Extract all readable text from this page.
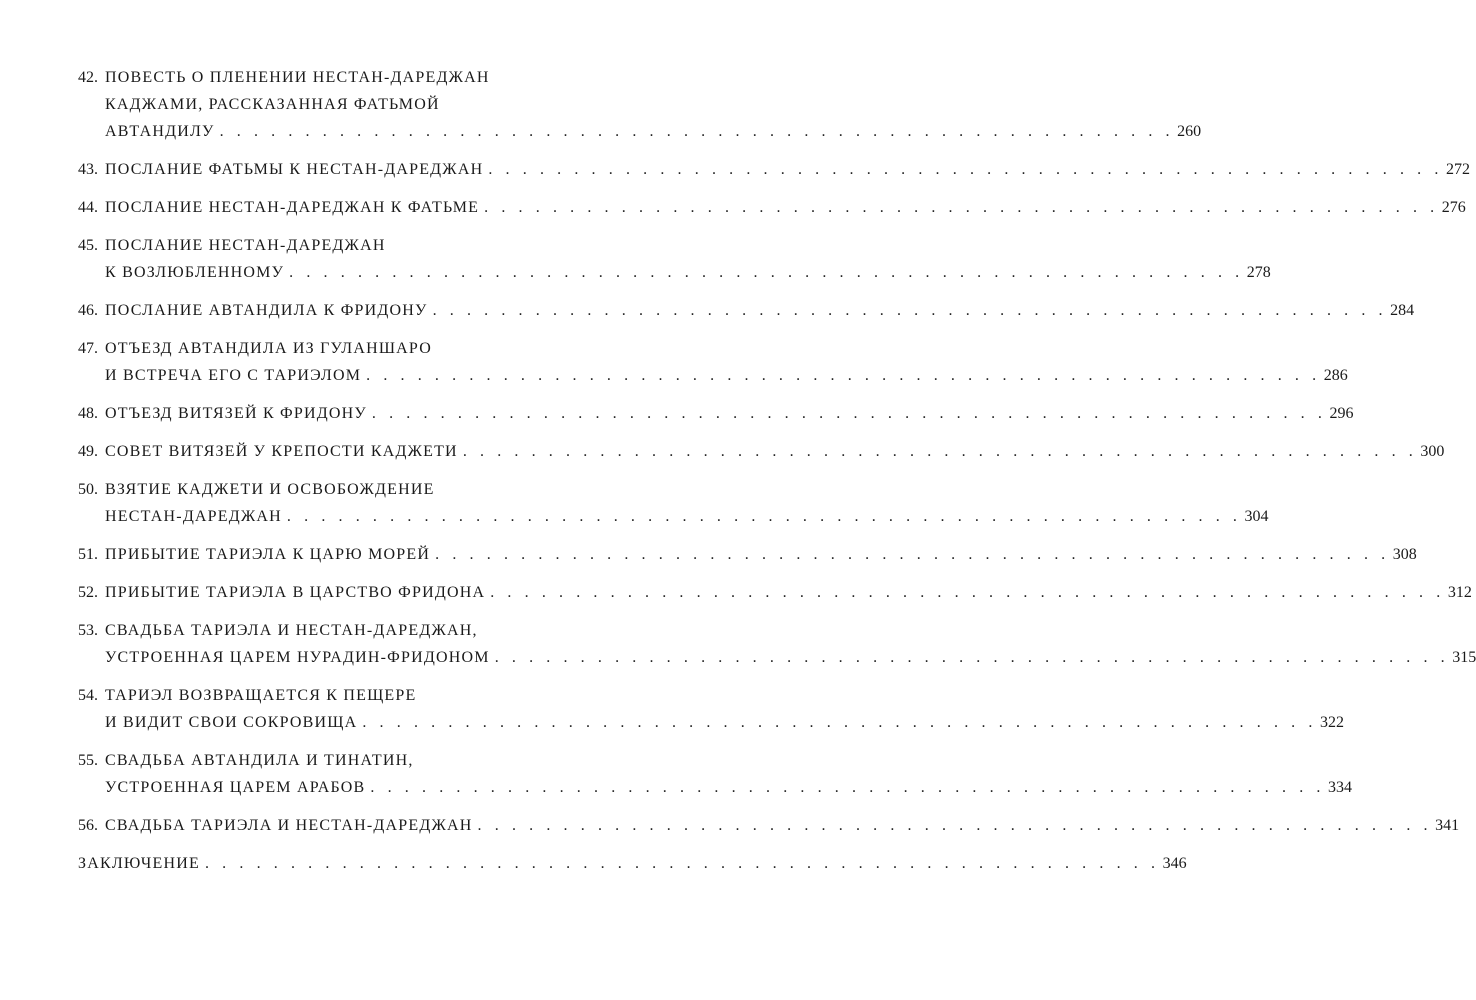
42. ПОВЕСТЬ О ПЛЕНЕНИИ НЕСТАН-ДАРЕДЖАН
КАДЖАМИ, РАССКАЗАННАЯ ФАТЬМОЙ
АВТАНДИЛУ . . . . . . . . . . . . . . . . . . . . . . . . . . . . . . . . . . . . . . . . . . . . . . . . . . . . . . . . 260
43. ПОСЛАНИЕ ФАТЬМЫ К НЕСТАН-ДАРЕДЖАН . . . . . . . . . . . . . . . . . . . . . . . . . . . . . . . . . . . . . . . . . . . . . . . . . . . . . . . . 272
44. ПОСЛАНИЕ НЕСТАН-ДАРЕДЖАН К ФАТЬМЕ . . . . . . . . . . . . . . . . . . . . . . . . . . . . . . . . . . . . . . . . . . . . . . . . . . . . . . . . 276
45. ПОСЛАНИЕ НЕСТАН-ДАРЕДЖАН
К ВОЗЛЮБЛЕННОМУ . . . . . . . . . . . . . . . . . . . . . . . . . . . . . . . . . . . . . . . . . . . . . . . . . . . . . . . . 278
46. ПОСЛАНИЕ АВТАНДИЛА К ФРИДОНУ . . . . . . . . . . . . . . . . . . . . . . . . . . . . . . . . . . . . . . . . . . . . . . . . . . . . . . . . 284
47. ОТЪЕЗД АВТАНДИЛА ИЗ ГУЛАНШАРО
И ВСТРЕЧА ЕГО С ТАРИЭЛОМ . . . . . . . . . . . . . . . . . . . . . . . . . . . . . . . . . . . . . . . . . . . . . . . . . . . . . . . . 286
48. ОТЪЕЗД ВИТЯЗЕЙ К ФРИДОНУ . . . . . . . . . . . . . . . . . . . . . . . . . . . . . . . . . . . . . . . . . . . . . . . . . . . . . . . . 296
49. СОВЕТ ВИТЯЗЕЙ У КРЕПОСТИ КАДЖЕТИ . . . . . . . . . . . . . . . . . . . . . . . . . . . . . . . . . . . . . . . . . . . . . . . . . . . . . . . . 300
50. ВЗЯТИЕ КАДЖЕТИ И ОСВОБОЖДЕНИЕ
НЕСТАН-ДАРЕДЖАН . . . . . . . . . . . . . . . . . . . . . . . . . . . . . . . . . . . . . . . . . . . . . . . . . . . . . . . . 304
51. ПРИБЫТИЕ ТАРИЭЛА К ЦАРЮ МОРЕЙ . . . . . . . . . . . . . . . . . . . . . . . . . . . . . . . . . . . . . . . . . . . . . . . . . . . . . . . . 308
52. ПРИБЫТИЕ ТАРИЭЛА В ЦАРСТВО ФРИДОНА . . . . . . . . . . . . . . . . . . . . . . . . . . . . . . . . . . . . . . . . . . . . . . . . . . . . . . . . 312
53. СВАДЬБА ТАРИЭЛА И НЕСТАН-ДАРЕДЖАН,
УСТРОЕННАЯ ЦАРЕМ НУРАДИН-ФРИДОНОМ . . . . . . . . . . . . . . . . . . . . . . . . . . . . . . . . . . . . . . . . . . . . . . . . . . . . . . . . 315
54. ТАРИЭЛ ВОЗВРАЩАЕТСЯ К ПЕЩЕРЕ
И ВИДИТ СВОИ СОКРОВИЩА . . . . . . . . . . . . . . . . . . . . . . . . . . . . . . . . . . . . . . . . . . . . . . . . . . . . . . . . 322
55. СВАДЬБА АВТАНДИЛА И ТИНАТИН,
УСТРОЕННАЯ ЦАРЕМ АРАБОВ . . . . . . . . . . . . . . . . . . . . . . . . . . . . . . . . . . . . . . . . . . . . . . . . . . . . . . . . 334
56. СВАДЬБА ТАРИЭЛА И НЕСТАН-ДАРЕДЖАН . . . . . . . . . . . . . . . . . . . . . . . . . . . . . . . . . . . . . . . . . . . . . . . . . . . . . . . . 341
ЗАКЛЮЧЕНИЕ . . . . . . . . . . . . . . . . . . . . . . . . . . . . . . . . . . . . . . . . . . . . . . . . . . . . . . . . 346
